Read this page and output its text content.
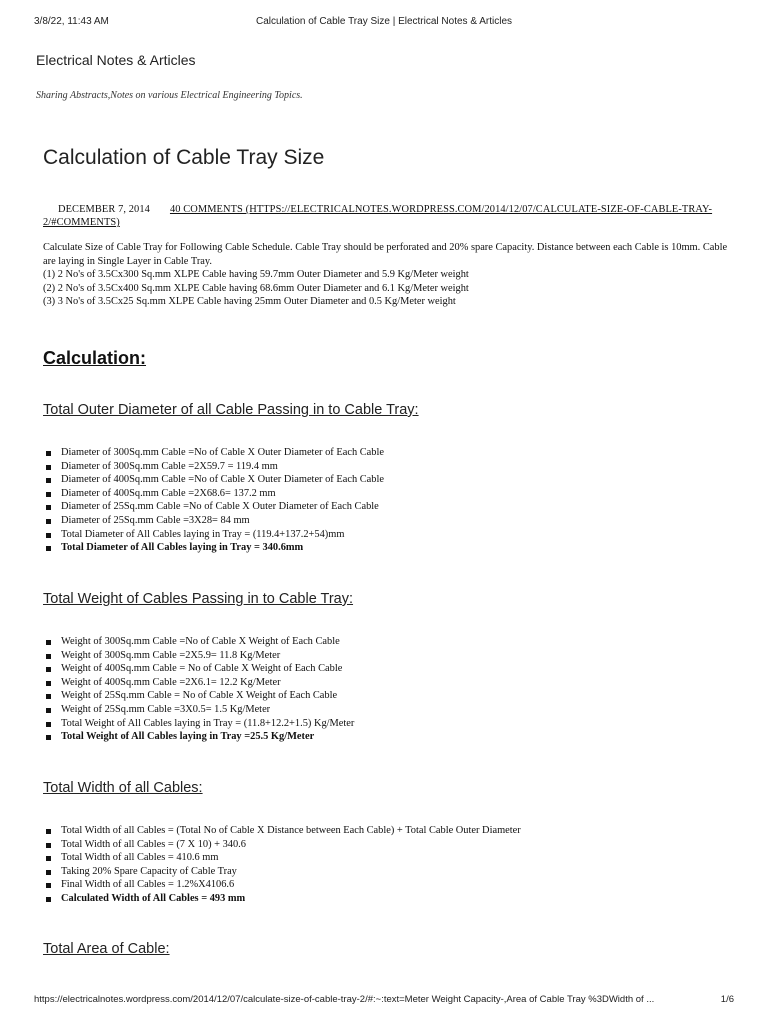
3/8/22, 11:43 AM	Calculation of Cable Tray Size | Electrical Notes & Articles
Electrical Notes & Articles
Sharing Abstracts,Notes on various Electrical Engineering Topics.
Calculation of Cable Tray Size
DECEMBER 7, 2014 40 COMMENTS (HTTPS://ELECTRICALNOTES.WORDPRESS.COM/2014/12/07/CALCULATE-SIZE-OF-CABLE-TRAY-2/#COMMENTS)

Calculate Size of Cable Tray for Following Cable Schedule. Cable Tray should be perforated and 20% spare Capacity. Distance between each Cable is 10mm. Cable are laying in Single Layer in Cable Tray.

(1) 2 No's of 3.5Cx300 Sq.mm XLPE Cable having 59.7mm Outer Diameter and 5.9 Kg/Meter weight

(2) 2 No's of 3.5Cx400 Sq.mm XLPE Cable having 68.6mm Outer Diameter and 6.1 Kg/Meter weight

(3) 3 No's of 3.5Cx25 Sq.mm XLPE Cable having 25mm Outer Diameter and 0.5 Kg/Meter weight

Calculation:
Total Outer Diameter of all Cable Passing in to Cable Tray:
Diameter of 300Sq.mm Cable =No of Cable X Outer Diameter of Each Cable
Diameter of 300Sq.mm Cable =2X59.7 = 119.4 mm
Diameter of 400Sq.mm Cable =No of Cable X Outer Diameter of Each Cable
Diameter of 400Sq.mm Cable =2X68.6= 137.2 mm
Diameter of 25Sq.mm Cable =No of Cable X Outer Diameter of Each Cable
Diameter of 25Sq.mm Cable =3X28= 84 mm
Total Diameter of All Cables laying in Tray = (119.4+137.2+54)mm
Total Diameter of All Cables laying in Tray = 340.6mm
Total Weight of Cables Passing in to Cable Tray:
Weight of 300Sq.mm Cable =No of Cable X Weight of Each Cable
Weight of 300Sq.mm Cable =2X5.9= 11.8 Kg/Meter
Weight of 400Sq.mm Cable = No of Cable X Weight of Each Cable
Weight of 400Sq.mm Cable =2X6.1= 12.2 Kg/Meter
Weight of 25Sq.mm Cable = No of Cable X Weight of Each Cable
Weight of 25Sq.mm Cable =3X0.5= 1.5 Kg/Meter
Total Weight of All Cables laying in Tray = (11.8+12.2+1.5) Kg/Meter
Total Weight of All Cables laying in Tray =25.5 Kg/Meter
Total Width of all Cables:
Total Width of all Cables = (Total No of Cable X Distance between Each Cable) + Total Cable Outer Diameter
Total Width of all Cables = (7 X 10) + 340.6
Total Width of all Cables = 410.6 mm
Taking 20% Spare Capacity of Cable Tray
Final Width of all Cables = 1.2%X4106.6
Calculated Width of All Cables = 493 mm
Total Area of Cable:
https://electricalnotes.wordpress.com/2014/12/07/calculate-size-of-cable-tray-2/#:~:text=Meter Weight Capacity-,Area of Cable Tray %3DWidth of ...	1/6
